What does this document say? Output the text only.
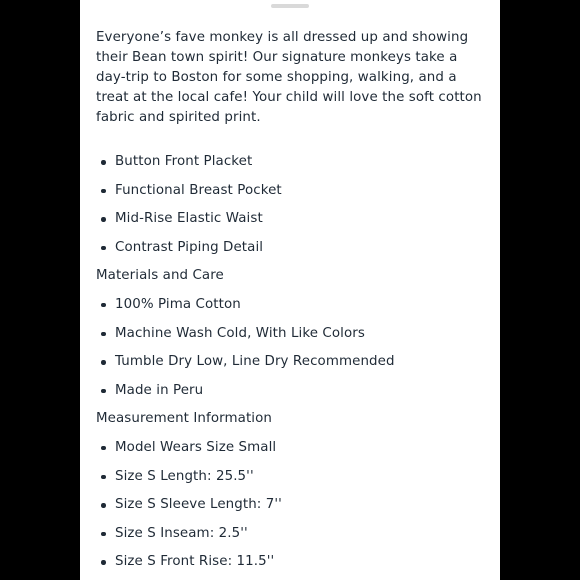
Everyone’s fave monkey is all dressed up and showing their Bean town spirit! Our signature monkeys take a day-trip to Boston for some shopping, walking, and a treat at the local cafe! Your child will love the soft cotton fabric and spirited print.

Button Front Placket
Functional Breast Pocket
Mid-Rise Elastic Waist
Contrast Piping Detail
Materials and Care
100% Pima Cotton
Machine Wash Cold, With Like Colors
Tumble Dry Low, Line Dry Recommended
Made in Peru
Measurement Information
Model Wears Size Small
Size S Length: 25.5''
Size S Sleeve Length: 7''
Size S Inseam: 2.5''
Size S Front Rise: 11.5''
